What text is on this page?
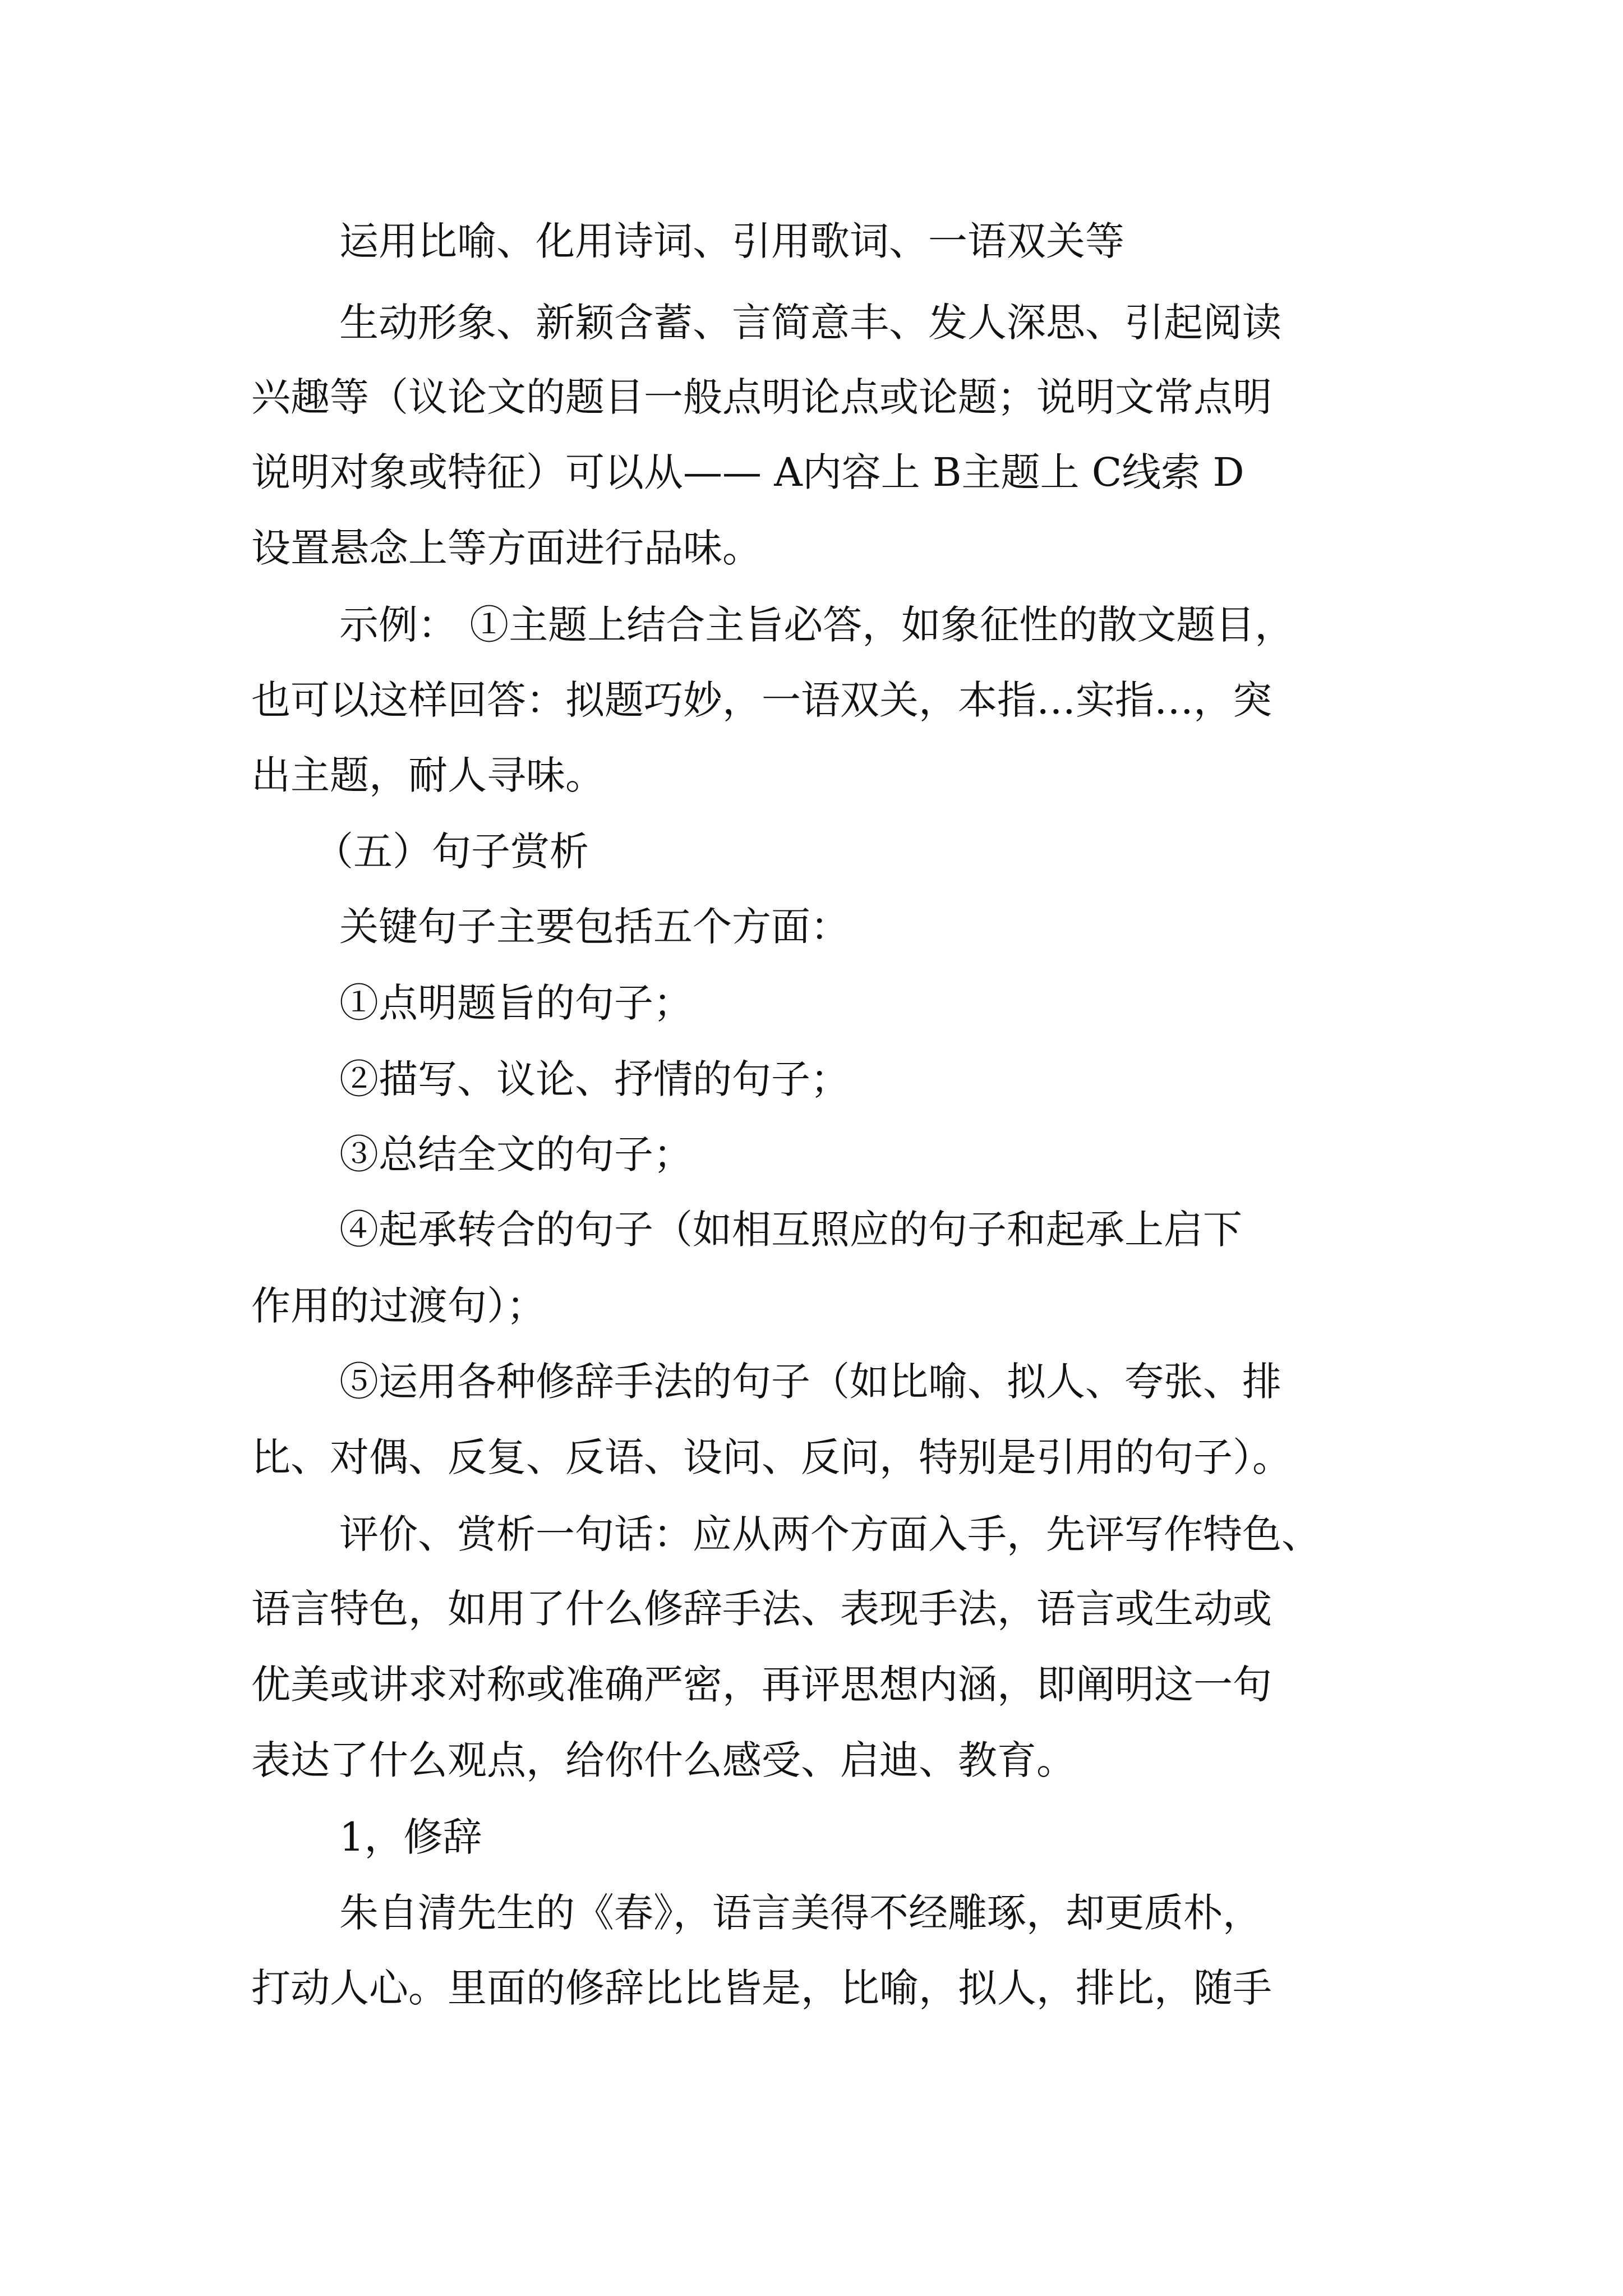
运用比喻、化用诗词、引用歌词、一语双关等
生动形象、新颖含蓄、言简意丰、发人深思、引起阅读
兴趣等（议论文的题目一般点明论点或论题；说明文常点明
说明对象或特征）可以从—— A内容上 B主题上 C线索 D
设置悬念上等方面进行品味。
示例： ①主题上结合主旨必答，如象征性的散文题目，
也可以这样回答：拟题巧妙，一语双关，本指…实指…，突
出主题，耐人寻味。
（五）句子赏析
关键句子主要包括五个方面：
①点明题旨的句子；
②描写、议论、抒情的句子；
③总结全文的句子；
④起承转合的句子（如相互照应的句子和起承上启下
作用的过渡句）；
⑤运用各种修辞手法的句子（如比喻、拟人、夸张、排
比、对偶、反复、反语、设问、反问，特别是引用的句子）。
评价、赏析一句话：应从两个方面入手，先评写作特色、
语言特色，如用了什么修辞手法、表现手法，语言或生动或
优美或讲求对称或准确严密，再评思想内涵，即阐明这一句
表达了什么观点，给你什么感受、启迪、教育。
1，修辞
朱自清先生的《春》，语言美得不经雕琢，却更质朴，
打动人心。里面的修辞比比皆是，比喻，拟人，排比，随手
